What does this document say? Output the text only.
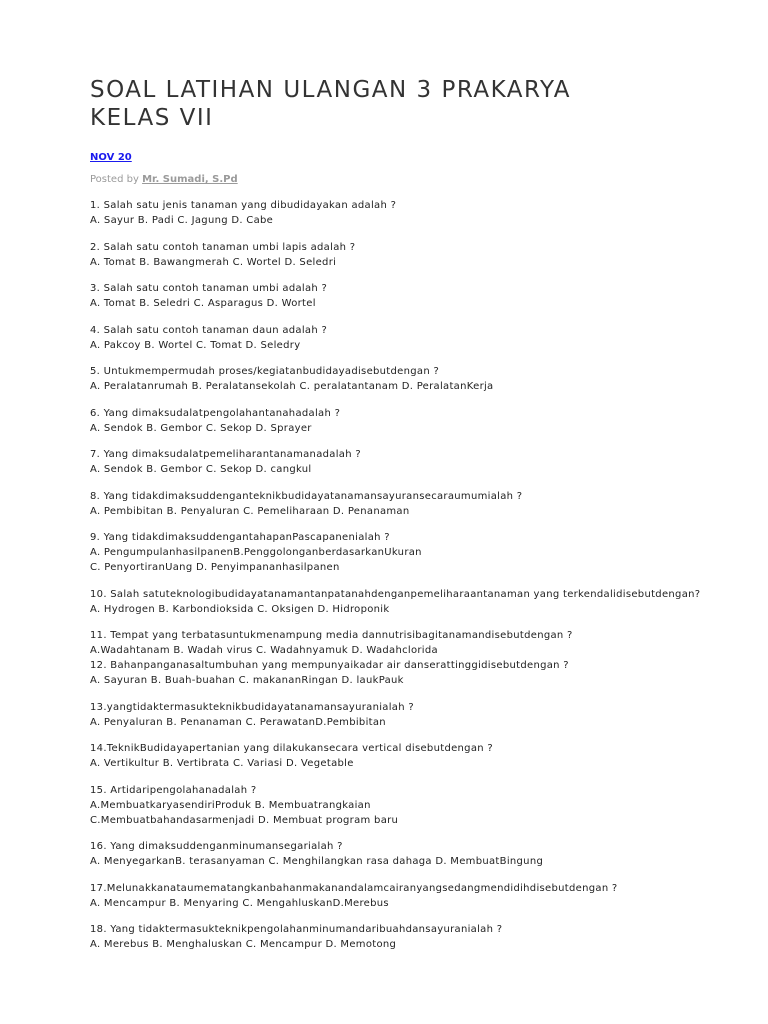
SOAL LATIHAN ULANGAN 3 PRAKARYA
KELAS VII
NOV 20
Posted by Mr. Sumadi, S.Pd
1. Salah satu jenis tanaman yang dibudidayakan adalah ?
A. Sayur B. Padi C. Jagung D. Cabe
2. Salah satu contoh tanaman umbi lapis adalah ?
A. Tomat B. Bawangmerah C. Wortel D. Seledri
3. Salah satu contoh tanaman umbi adalah ?
A. Tomat B. Seledri C. Asparagus D. Wortel
4. Salah satu contoh tanaman daun adalah ?
A. Pakcoy B. Wortel C. Tomat D. Seledry
5. Untukmempermudah proses/kegiatanbudidayadisebutdengan ?
A. Peralatanrumah B. Peralatansekolah C. peralatantanam D. PeralatanKerja
6. Yang dimaksudalatpengolahantanahadalah ?
A. Sendok B. Gembor C. Sekop D. Sprayer
7. Yang dimaksudalatpemeliharantanamanadalah ?
A. Sendok B. Gembor C. Sekop D. cangkul
8. Yang tidakdimaksuddenganteknikbudidayatanamansayuransecaraumumialah ?
A. Pembibitan B. Penyaluran C. Pemeliharaan D. Penanaman
9. Yang tidakdimaksuddengantahapanPascapanenialah ?
A. PengumpulanhasilpanenB.PenggolonganberdasarkanUkuran
C. PenyortiranUang D. Penyimpananhasilpanen
10. Salah satuteknologibudidayatanamantanpatanahdenganpemeliharaantanaman yang terkendalidisebutdengan?
A. Hydrogen B. Karbondioksida C. Oksigen D. Hidroponik
11. Tempat yang terbatasuntukmenampung media dannutrisibagitanamandisebutdengan ?
A.Wadahtanam B. Wadah virus C. Wadahnyamuk D. Wadahclorida
12. Bahanpanganasaltumbuhan yang mempunyaikadar air danserattinggidisebutdengan ?
A. Sayuran B. Buah-buahan C. makananRingan D. laukPauk
13.yangtidaktermasukteknikbudidayatanamansayuranialah ?
A. Penyaluran B. Penanaman C. PerawatanD.Pembibitan
14.TeknikBudidayapertanian yang dilakukansecara vertical disebutdengan ?
A. Vertikultur B. Vertibrata C. Variasi D. Vegetable
15. Artidaripengolahanadalah ?
A.MembuatkaryasendiriProduk B. Membuatrangkaian
C.Membuatbahandasarmenjadi D. Membuat program baru
16. Yang dimaksuddenganminumansegarialah ?
A. MenyegarkanB. terasanyaman C. Menghilangkan rasa dahaga D. MembuatBingung
17.Melunakkanataumematangkanbahanmakanandalamcairanyangsedangmendidihdisebutdengan ?
A. Mencampur B. Menyaring C. MengahluskanD.Merebus
18. Yang tidaktermasukteknikpengolahanminumandaribuahdansayuranialah ?
A. Merebus B. Menghaluskan C. Mencampur D. Memotong
